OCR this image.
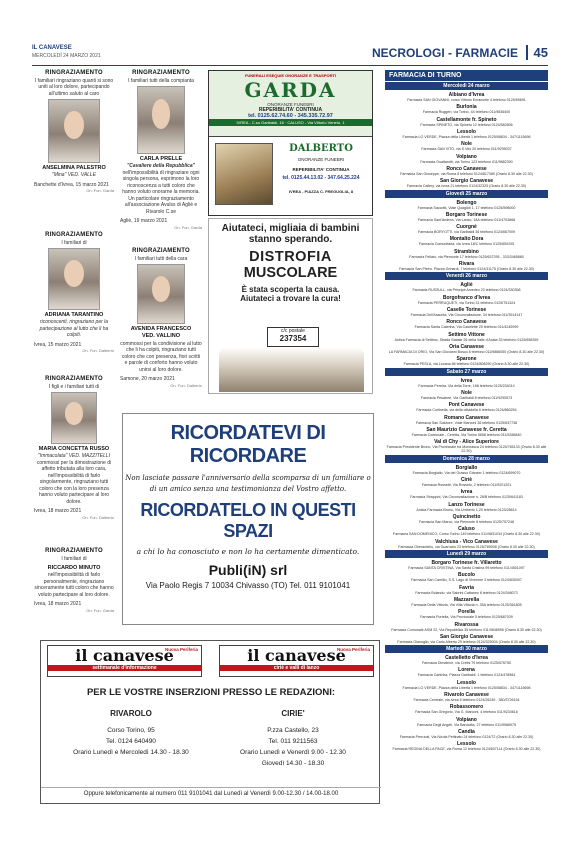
IL CANAVESE
MERCOLEDÌ 24 MARZO 2021	NECROLOGI - FARMACIE	45
RINGRAZIAMENTO
I familiari ringraziano quanti si sono uniti al loro dolore, partecipando all'ultimo saluto al caro
ANSELMINA PALESTRO
"Mina" VED. VALLE
Banchette d'Ivrea, 15 marzo 2021
On. Fun. Garda
RINGRAZIAMENTO
I familiari di
ADRIANA TARANTINO
riconoscenti, ringraziano per la partecipazione al lutto che li ha colpiti.
Ivrea, 15 marzo 2021
On. Fun. Dalberto
RINGRAZIAMENTO
I figli e i familiari tutti di
MARIA CONCETTA RUSSO
"Immacolata" VED. MAZZITELLI
commossi per la dimostrazione di affetto tributata alla loro cara, nell'impossibilità di farlo singolarmente, ringraziano tutti coloro che con la loro presenza hanno voluto partecipare al loro dolore.
Ivrea, 18 marzo 2021
On. Fun. Dalberto
RINGRAZIAMENTO
I familiari di
RICCARDO MINUTO
nell'impossibilità di farlo personalmente, ringraziano sinceramente tutti coloro che hanno voluto partecipare al loro dolore.
Ivrea, 18 marzo 2021
On. Fun. Garda
RINGRAZIAMENTO
I familiari tutti della compianta
CARLA PRELLE
"Cavaliere della Repubblica"
nell'impossibilità di ringraziare ogni singola persona, esprimono la loro riconoscenza a tutti coloro che hanno voluto onorarne la memoria. Un particolare ringraziamento all'associazione Avulss di Agliè e Rivarolo C.se
Agliè, 19 marzo 2021
On. Fun. Garda
RINGRAZIAMENTO
I familiari tutti della cara
AVENIDA FRANCESCO
VED. VALLINO
commossi per la condivisione al lutto che li ha colpiti, ringraziano tutti coloro che con presenza, fiori scritti e parole di conforto hanno voluto unirsi al loro dolore.
Samone, 20 marzo 2021
On. Fun. Dalberto
FUNERALI ESEQUIE ONORANZE E TRASPORTI
GARDA
ONORANZE FUNEBRI
REPERIBILITA' CONTINUA
tel. 0125.62.74.60 - 345.335.72.97
IVREA - C.so Garibaldi, 16 · CALUSO - Via Vittorio Veneto, 1
DALBERTO
ONORANZE FUNEBRI
REPERIBILITA' CONTINUA
tel. 0125.44.13.02 - 347.64.25.224
IVREA - PIAZZA C. FREGUGLIA, 8
Aiutateci, migliaia di bambini
stanno sperando.
DISTROFIA
MUSCOLARE
È stata scoperta la causa.
Aiutateci a trovare la cura!
c/c postale
237354
RICORDATEVI DI RICORDARE
Non lasciate passare l'anniversario della scomparsa di un familiare o di un amico senza una testimonianza del Vostro affetto.
RICORDATELO IN QUESTI SPAZI
a chi lo ha conosciuto e non lo ha certamente dimenticato.
Publi(iN) srl
Via Paolo Regis 7 10034 Chivasso (TO) Tel. 011 9101041
Nuova Periferia
il canavese
settimanale d'informazione
Nuova Periferia
il canavese
ciriè e valli di lanzo
PER LE VOSTRE INSERZIONI PRESSO LE REDAZIONI:
RIVAROLO
Corso Torino, 95
Tel. 0124 640490
Orario Lunedì e Mercoledì 14.30 - 18.30
CIRIE'
P.zza Castello, 23
Tel. 011 9211563
Orario Lunedì e Venerdì 9.00 - 12.30
Giovedì 14.30 - 18.30
Oppure telefonicamente al numero 011 9101041 dal Lunedì al Venerdì 9.00-12.30 / 14.00-18.00
FARMACIA DI TURNO
Mercoledì 24 marzo
Albiano d'Ivrea
Farmacia SAN GIOVANNI, corso Vittorio Emanuele 4 telefono 0125/59691
Burlonia
Farmacia Ruggeri, via Torino, 44 telefono 011/9836400
Castellamonte fr. Spineto
Farmacia SPINETO, via Spineto 12 telefono 0124/582806
Lessolo
Farmacia LO VERDE, Piazza della Libertà 1 telefono 0125/58834 - 347/1115698
Nole
Farmacia SAN VITO, via S.Vito 20 telefono 011/9295037
Volpiano
Farmacia Gualtarotti, via Torino 123 telefono 011/9882390
Ronco Canavese
Farmacia San Giuseppe, via Roma 8 telefono 0124/817380 (Orario 8.30 alle 22.30)
San Giorgio Canavese
Farmacia Callery, via Ivrea 21 telefono 0124/32325 (Orario 8.30 alle 22.30)
Giovedì 25 marzo
Bolengo
Farmacia Saccotti, Viale Quagliot 1, 17 telefono 0125/598000
Borgaro Torinese
Farmacia Sant'Andrea, Via Lanzo, 18A telefono 011/4703868
Cuorgnè
Farmacia BORYOTTI, via Garibaldi 36 telefono 0124/667009
Montalto Dora
Farmacia Comunitaria, via Ivrea 18/C telefono 0125/650205
Strambino
Farmacia Fellato, via Piemonte 17 telefono 0125/637295 - 333/3465880
Rivara
Farmacia San Pietro, Piazza Grinardi, 7 telefono 0124/31175 (Orario 8.30 alle 22.30)
Venerdì 26 marzo
Agliè
Farmacia RUSSULL, via Principe Amedeo 23 telefono 0124/330358
Borgofranco d'Ivrea
Farmacia PERRUQUETI, via Torino 31 telefono 0125/751324
Caselle Torinese
Farmacia Dell'Assunta, Via Circonvallazione, 34 telefono 011/3914147
Ronco Canavese
Farmacia Santa Caterina, Via Caselette 20 telefono 011/4245999
Settimo Vittone
Antica Farmacia di Settimo, Strada Statale 26 della Valle d'Aosta 33 telefono 0125/658359
Oria Canavese
LA FARMACIA DI ORIO, Via San Giovanni Bosco 8 telefono 011/9886050 (Orario 8.30 alle 22.30)
Sparone
Farmacia PESLA, via Locana 86 telefono 0124/808290 (Orario 8.30 alle 22.30)
Sabato 27 marzo
Ivrea
Farmacia Pereira, Via della Torre, 168 telefono 0125/234014
Nole
Farmacia Pesatore, Via Garibaldi 8 telefono 011/9290573
Pont Canavese
Farmacia Cortinella, via della cittadella 6 telefono 0124/860254
Romano Canavese
Farmacia San Solutore, Viale Marconi 36 telefono 0125/637738
San Maurizio Canavese fr. Ceretta
Farmacia Comunale - Ceretta, Via Torino 5658 telefono 011/9286840
Val di Chy - Alice Superiore
Farmacia Presidente Bruno, Via Provinciale fra Morinasca 24 telefono 0125/785133 (Orario 8.30 alle 22.30)
Domenica 28 marzo
Borgiallo
Farmacia Borgiallo, Via del Grasso Gianser 1 telefono 0124/699070
Ciriè
Farmacia Rossetti, Via Rosselo, 2 telefono 011/9201201
Ivrea
Farmacia Strappini, Via Circonvallazione n. 28/B telefono 0125/641183
Lanzo Torinese
Antica Farmacia Bruno, Via Umberto 1,20 telefono 0123/28614
Quincinetto
Farmacia San Marco, via Piemonte 8 telefono 0125/757248
Caluso
Farmacia SAN DOMENICO, Corso Torino 149 telefono 011/9831034 (Orario 8.30 alle 22.30)
Valchiusa - Vico Canavese
Farmacia Gherardello, via Guarnizio 23 telefono 0125/789008 (Orario 8.30 alle 22.30)
Lunedì 29 marzo
Borgaro Torinese fr. Villaretto
Farmacia SANTA CRISTINA, Via Santa Cristina 99 telefono 011/4501097
Bucolo
Farmacia San Camillo, S.S. Lago di Viverone 3 telefono 0124/830007
Favria
Farmacia Bolando, via Sabrini Cattaneo 8 telefono 0124/348073
Mazzarella
Farmacia Della Vittoria, Via Villa Vittoria n. 35A telefono 0125/361805
Porella
Farmacia Portella, Via Provinciale 5 telefono 0125/687039
Rivarossa
Farmacia Comunale ASM 22, Via Repubblica 35 telefono 011/9848996 (Orario 8.30 alle 22.30)
San Giorgio Canavese
Farmacia Gianoglio, via Carlo Alberto 29 telefono 0124/325004 (Orario 8.30 alle 22.30)
Martedì 30 marzo
Castelletto d'Ivrea
Farmacia Dimatrice, via Cretts 79 telefono 0125/576750
Lorena
Farmacia Cartinha, Piazza Garibaldi, 1 telefono 0124/478984
Lessolo
Farmacia LO VERDE, Piazza della Libertà 1 telefono 0125/58834 - 347/1115698
Rivarolo Canavese
Farmacia Centrale, via Ivrea 5 telefono 0124/26245 - 380/3726154
Robassomero
Farmacia San Gregorio, Via G. Marconi, 4 telefono 011/9234616
Volpiano
Farmacia Degli Angeli, Via Barolotta, 27 telefono 011/9988975
Candia
Farmacia Perrucat, Via Nicola Pettinato 24 telefono 0124/72 (Orario 8.30 alle 22.30)
Lessolo
Farmacia REGINA DELLA PACE, via Roma 12 telefono 0124/607114 (Orario 8.30 alle 22.30)
